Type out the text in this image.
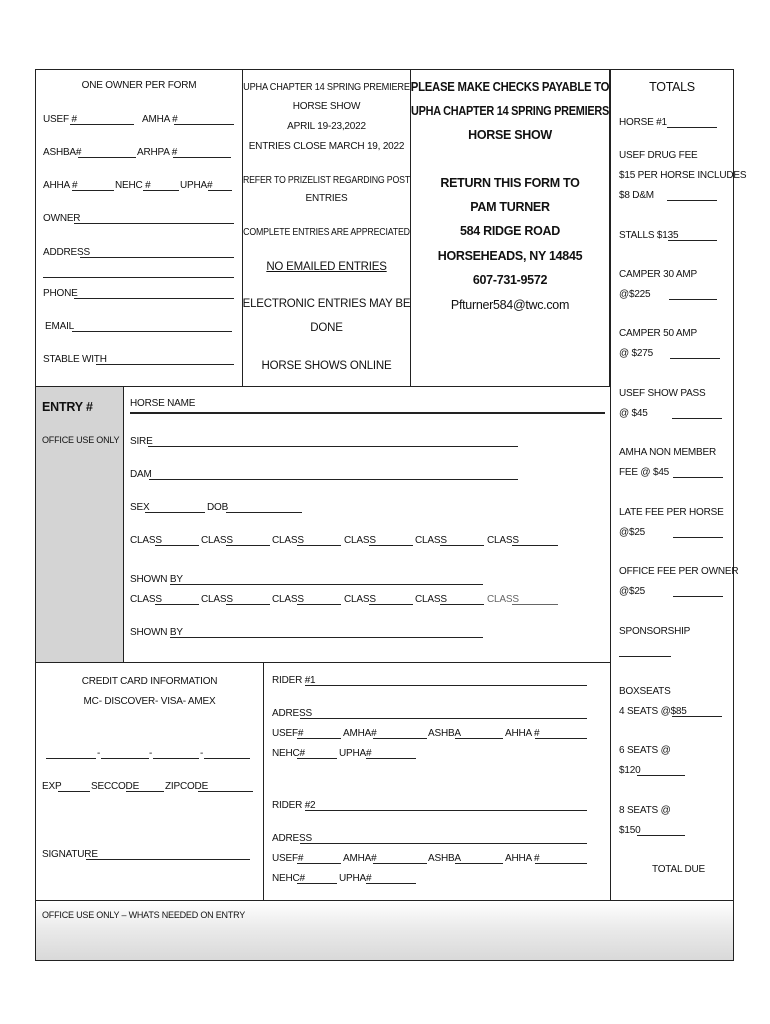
ONE OWNER PER FORM
USEF #	AMHA #
ASHBA#	ARHPA #
AHHA #	NEHC #	UPHA#
OWNER
ADDRESS
PHONE
EMAIL
STABLE WITH
UPHA CHAPTER 14 SPRING PREMIERE
HORSE SHOW
APRIL 19-23,2022
ENTRIES CLOSE MARCH 19, 2022
REFER TO PRIZELIST REGARDING POST
ENTRIES
COMPLETE ENTRIES ARE APPRECIATED
NO EMAILED ENTRIES
ELECTRONIC ENTRIES MAY BE
DONE
HORSE SHOWS ONLINE
PLEASE MAKE CHECKS PAYABLE TO
UPHA CHAPTER 14 SPRING PREMIERS
HORSE SHOW
RETURN THIS FORM TO
PAM TURNER
584 RIDGE ROAD
HORSEHEADS, NY 14845
607-731-9572
Pfturner584@twc.com
TOTALS
HORSE #1
USEF DRUG FEE
$15 PER HORSE INCLUDES
$8 D&M
STALLS $135
CAMPER 30 AMP
@$225
CAMPER 50 AMP
@ $275
USEF SHOW PASS
@ $45
AMHA NON MEMBER
FEE @ $45
LATE FEE PER HORSE
@$25
OFFICE FEE PER OWNER
@$25
SPONSORSHIP
BOXSEATS
4 SEATS @$85
6 SEATS @
$120
8 SEATS @
$150
TOTAL DUE
ENTRY #
OFFICE USE ONLY
HORSE NAME
SIRE
DAM
SEX	DOB
CLASS	CLASS	CLASS	CLASS	CLASS	CLASS
SHOWN BY
CLASS	CLASS	CLASS	CLASS	CLASS	CLASS
SHOWN BY
CREDIT CARD INFORMATION
MC- DISCOVER- VISA- AMEX
-	-	-
EXP	SECCODE	ZIPCODE
SIGNATURE
RIDER #1
ADRESS
USEF#	AMHA#	ASHBA	AHHA #
NEHC#	UPHA#
RIDER #2
ADRESS
USEF#	AMHA#	ASHBA	AHHA #
NEHC#	UPHA#
OFFICE USE ONLY – WHATS NEEDED ON ENTRY
